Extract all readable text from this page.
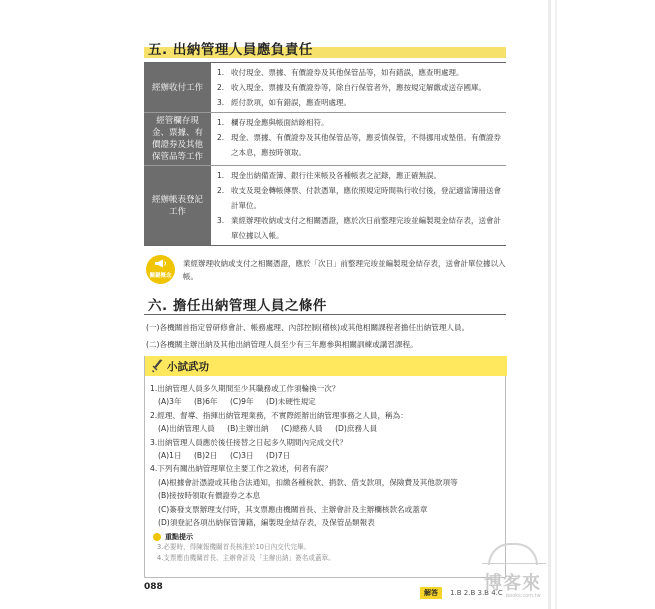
五. 出納管理人員應負責任
經辦收付工作
1. 收付現金、票據、有價證券及其他保管品等，如有錯誤，應查明處理。
2. 收入現金、票據及有價證券等，除自行保管者外，應按規定解繳或送存國庫。
3. 經付款項，如有錯誤，應查明處理。
經管欄存現金、票據、有價證券及其他保管品等工作
1. 欄存現金應與帳面結餘相符。
2. 現金、票據、有價證券及其他保管品等，應妥慎保管，不得挪用或墊借。有價證券之本息，應按時領取。
經辦帳表登記工作
1. 現金出納備查簿、銀行往來帳及各種帳表之記錄，應正確無誤。
2. 收支及現金轉帳傳票、付款憑單，應依照規定時間執行收付後，登記適當簿冊送會計單位。
3. 業經辦理收納或支付之相關憑證，應於次日前整理完竣並編製現金結存表，送會計單位據以入帳。
關鍵概念
業經辦理收納或支付之相關憑證，應於「次日」前整理完竣並編製現金結存表，送會計單位據以入帳。
六. 擔任出納管理人員之條件

(一)各機關首指定曾研修會計、帳務處理、內部控制(稽核)或其他相關課程者擔任出納管理人員。

(二)各機關主辦出納及其他出納管理人員至少有三年應參與相關訓練或講習課程。

小試武功
1.出納管理人員多久期間至少其職務或工作須輪換一次？
(A)3年 (B)6年 (C)9年 (D)未硬性規定
2.經理、督導、指揮出納管理業務，不實際經辦出納管理事務之人員，稱為：
(A)出納管理人員 (B)主辦出納 (C)總務人員 (D)庶務人員
3.出納管理人員應於後任接替之日起多久期間內完成交代？
(A)1日 (B)2日 (C)3日 (D)7日
4.下列有關出納管理單位主要工作之敘述，何者有誤？
(A)根據會計憑證或其他合法通知，扣繳各種稅款、捐款、借支款項，保險費及其他款項等
(B)接按時領取有價證券之本息
(C)簽發支票辦理支付時，其支票應由機關首長、主辦會計及主辦欄核款名或蓋章
(D)須登記各項出納保管簿籍，編製現金結存表，及保管品類報表
重點提示
3.必要時，得陳報機關首長核准於10日內交代完畢。
4.支票應由機關首長、主辦會計及「主辦出納」簽名或蓋章。
088
解答 1.B 2.B 3.B 4.C
博客來
books.com.tw
